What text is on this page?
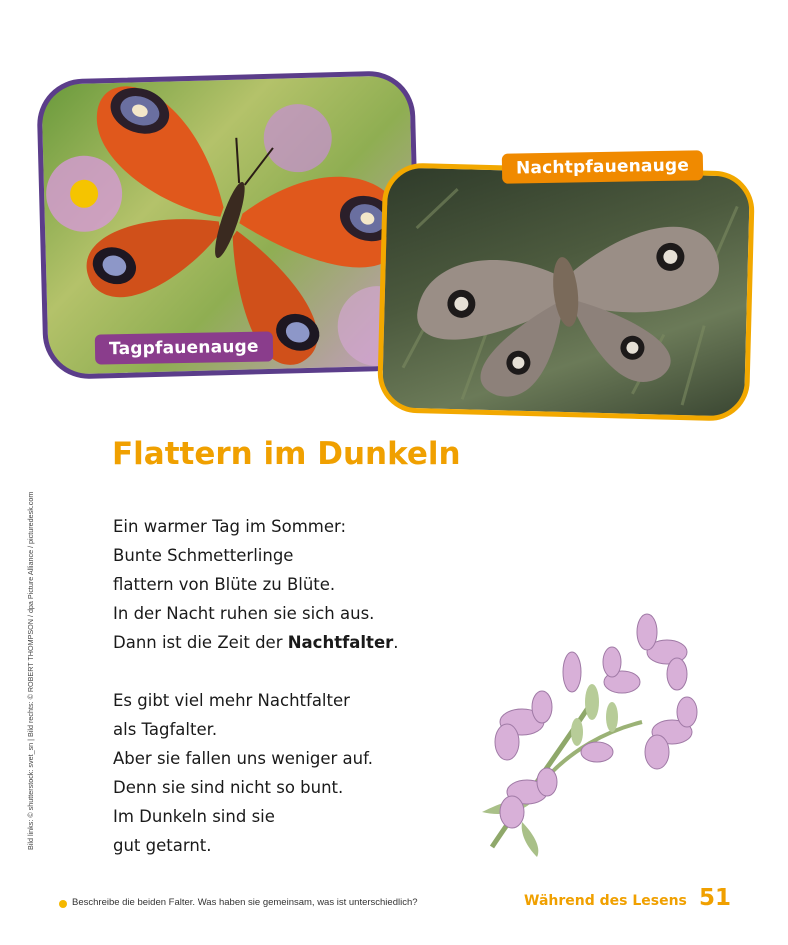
Tagpfauenauge
Nachtpfauenauge
Bild links: © shutterstock: svet_sn | Bild rechts: © ROBERT THOMPSON / dpa Picture Alliance / picturedesk.com
Flattern im Dunkeln
Ein warmer Tag im Sommer:
Bunte Schmetterlinge
flattern von Blüte zu Blüte.
In der Nacht ruhen sie sich aus.
Dann ist die Zeit der Nachtfalter.
Es gibt viel mehr Nachtfalter
als Tagfalter.
Aber sie fallen uns weniger auf.
Denn sie sind nicht so bunt.
Im Dunkeln sind sie
gut getarnt.
Beschreibe die beiden Falter. Was haben sie gemeinsam, was ist unterschiedlich?	Während des Lesens 51
